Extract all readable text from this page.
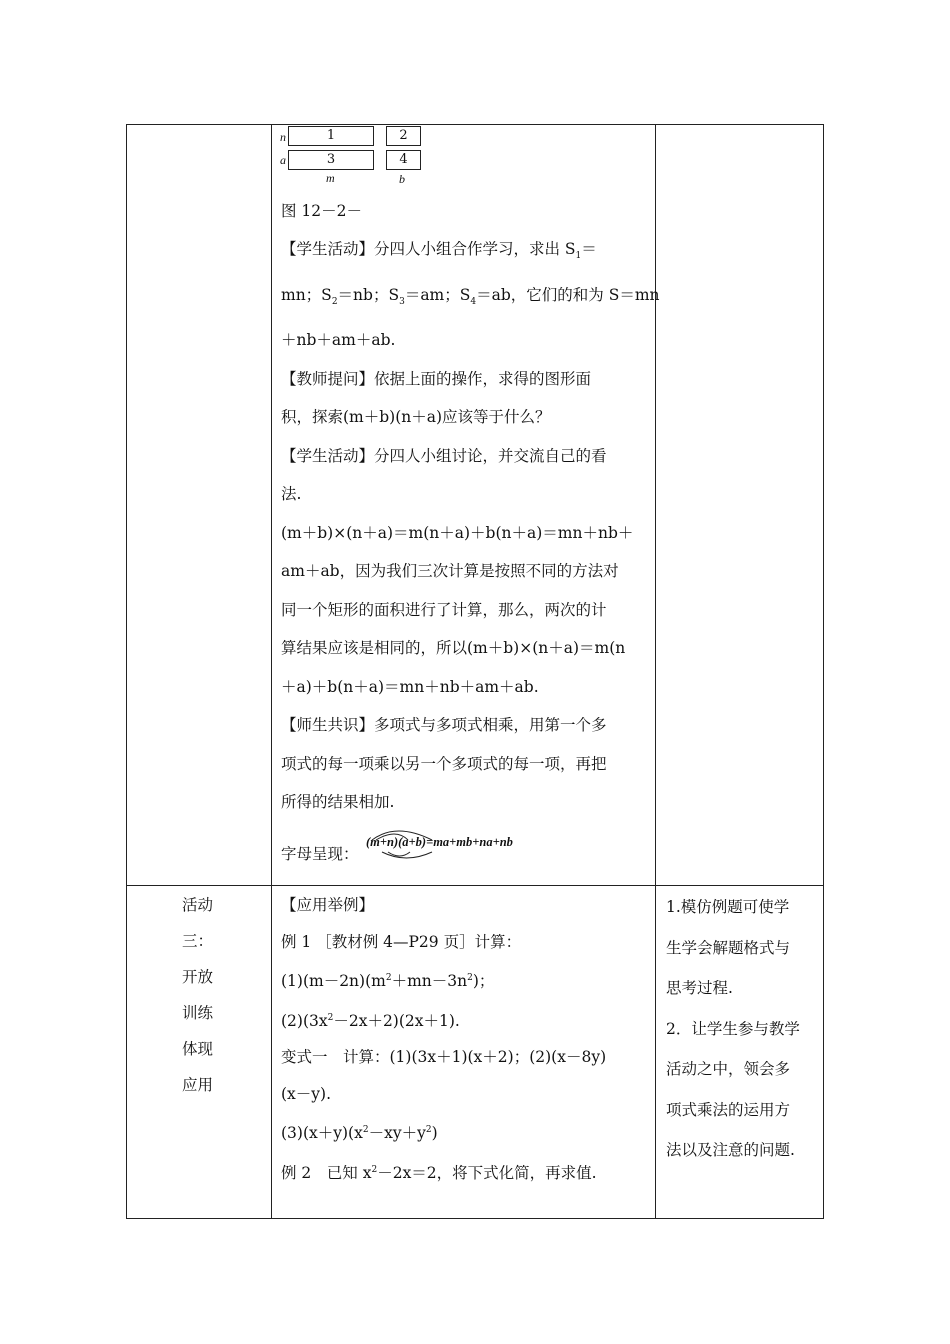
n
a
1	2
3	4
m	b
图 12－2－
【学生活动】分四人小组合作学习，求出 $S_1=$
mn；$S_2=nb$；$S_3=am$；$S_4=ab$，它们的和为 S＝mn
＋nb＋am＋ab.
【教师提问】依据上面的操作，求得的图形面
积，探索(m＋b)(n＋a)应该等于什么？
【学生活动】分四人小组讨论，并交流自己的看
法.
(m＋b)×(n＋a)＝m(n＋a)＋b(n＋a)＝mn＋nb＋
am＋ab，因为我们三次计算是按照不同的方法对
同一个矩形的面积进行了计算，那么，两次的计
算结果应该是相同的，所以(m＋b)×(n＋a)＝m(n
＋a)＋b(n＋a)＝mn＋nb＋am＋ab.
【师生共识】多项式与多项式相乘，用第一个多
项式的每一项乘以另一个多项式的每一项，再把
所得的结果相加.
字母呈现：
(m+n)(a+b)=ma+mb+na+nb
活动
三：
开放
训练
体现
应用
【应用举例】
例 1 ［教材例 4—P29 页］计算：
$(1)(m-2n)(m^2+mn-3n^2)$；
$(2)(3x^2-2x+2)(2x+1)$.
变式一　计算：(1)(3x＋1)(x＋2)；(2)(x－8y)
(x－y).
$(3)(x+y)(x^2-xy+y^2)$
例 2　已知 $x^2-2x=2$，将下式化简，再求值.
1.模仿例题可使学
生学会解题格式与
思考过程.
2．让学生参与教学
活动之中，领会多
项式乘法的运用方
法以及注意的问题.
